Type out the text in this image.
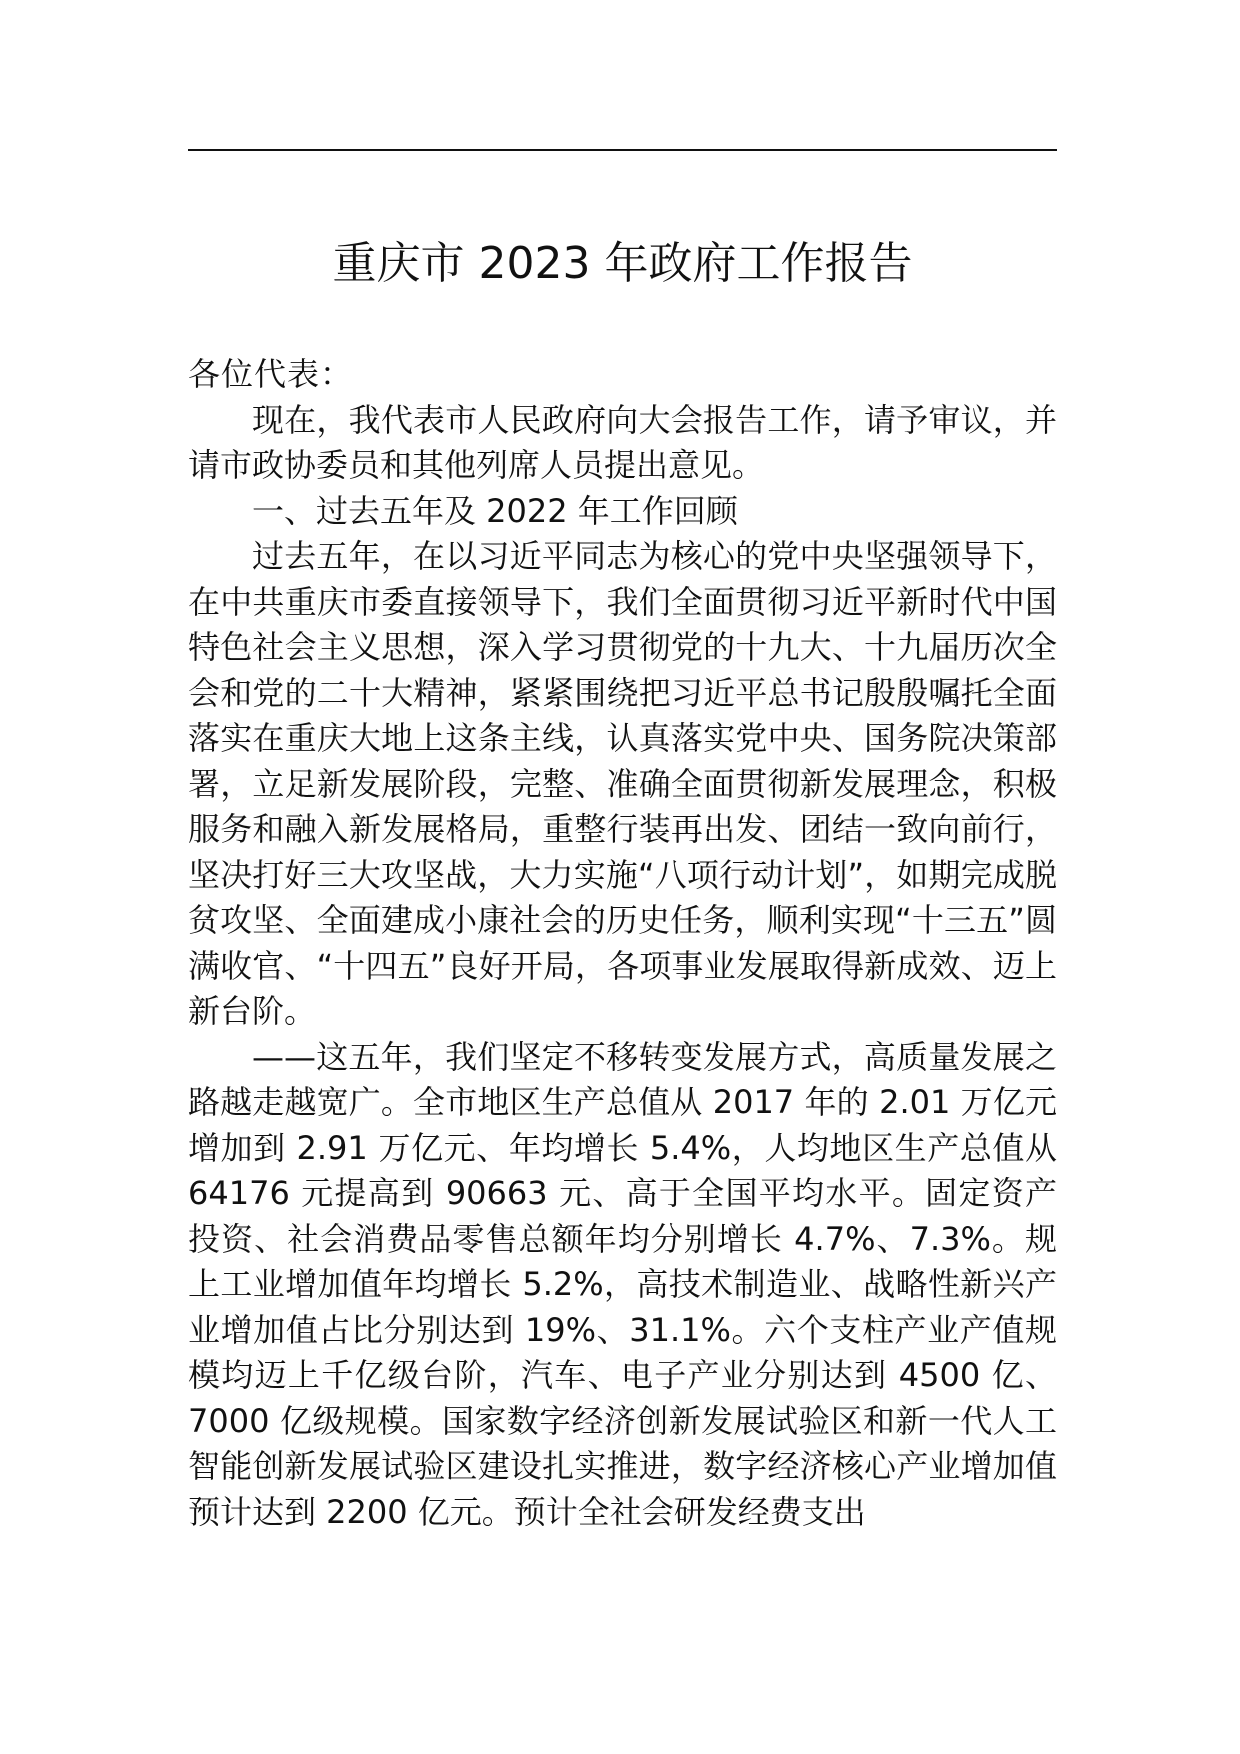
重庆市 2023 年政府工作报告

各位代表：

现在，我代表市人民政府向大会报告工作，请予审议，并请市政协委员和其他列席人员提出意见。

一、过去五年及 2022 年工作回顾

过去五年，在以习近平同志为核心的党中央坚强领导下，在中共重庆市委直接领导下，我们全面贯彻习近平新时代中国特色社会主义思想，深入学习贯彻党的十九大、十九届历次全会和党的二十大精神，紧紧围绕把习近平总书记殷殷嘱托全面落实在重庆大地上这条主线，认真落实党中央、国务院决策部署，立足新发展阶段，完整、准确全面贯彻新发展理念，积极服务和融入新发展格局，重整行装再出发、团结一致向前行，坚决打好三大攻坚战，大力实施“八项行动计划”，如期完成脱贫攻坚、全面建成小康社会的历史任务，顺利实现“十三五”圆满收官、“十四五”良好开局，各项事业发展取得新成效、迈上新台阶。

——这五年，我们坚定不移转变发展方式，高质量发展之路越走越宽广。全市地区生产总值从 2017 年的 2.01 万亿元增加到 2.91 万亿元、年均增长 5.4%，人均地区生产总值从 64176 元提高到 90663 元、高于全国平均水平。固定资产投资、社会消费品零售总额年均分别增长 4.7%、7.3%。规上工业增加值年均增长 5.2%，高技术制造业、战略性新兴产业增加值占比分别达到 19%、31.1%。六个支柱产业产值规模均迈上千亿级台阶，汽车、电子产业分别达到 4500 亿、7000 亿级规模。国家数字经济创新发展试验区和新一代人工智能创新发展试验区建设扎实推进，数字经济核心产业增加值预计达到 2200 亿元。预计全社会研发经费支出
